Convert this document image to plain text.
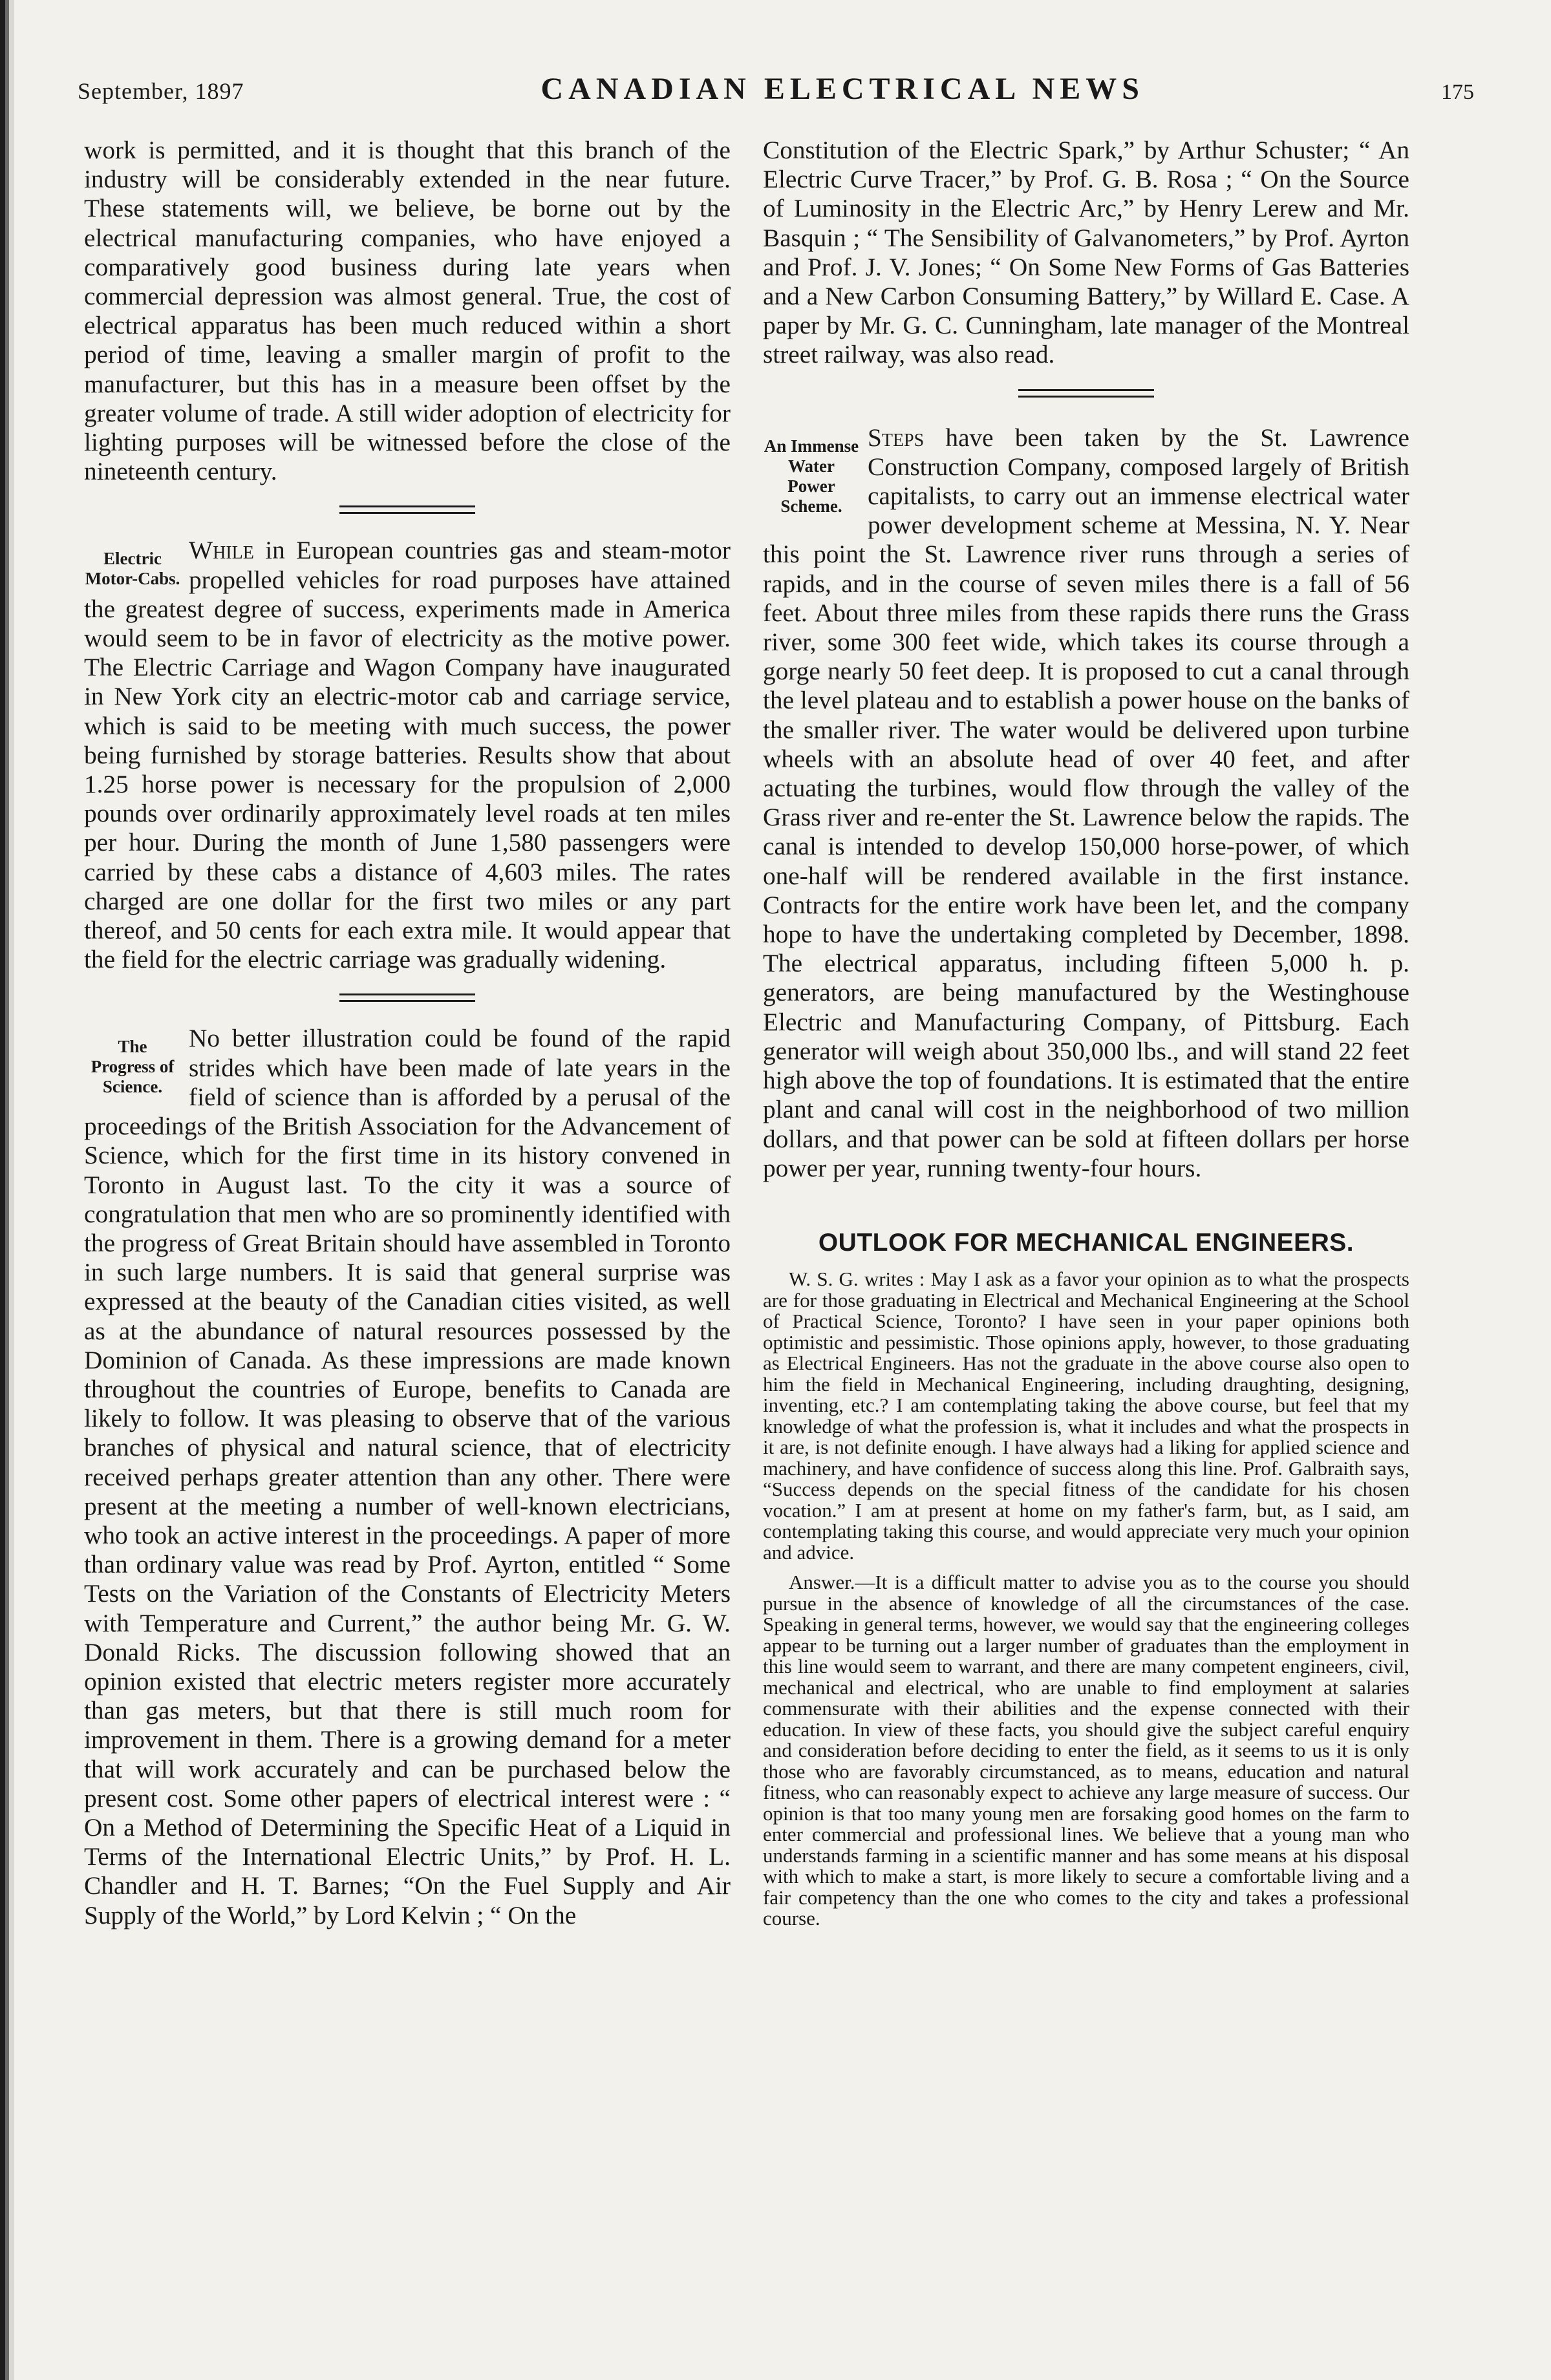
September, 1897	CANADIAN ELECTRICAL NEWS	175

work is permitted, and it is thought that this branch of the industry will be considerably extended in the near future. These statements will, we believe, be borne out by the electrical manufacturing companies, who have enjoyed a comparatively good business during late years when commercial depression was almost general. True, the cost of electrical apparatus has been much reduced within a short period of time, leaving a smaller margin of profit to the manufacturer, but this has in a measure been offset by the greater volume of trade. A still wider adoption of electricity for lighting purposes will be witnessed before the close of the nineteenth century.

Electric Motor-Cabs.

While in European countries gas and steam-motor propelled vehicles for road purposes have attained the greatest degree of success, experiments made in America would seem to be in favor of electricity as the motive power. The Electric Carriage and Wagon Company have inaugurated in New York city an electric-motor cab and carriage service, which is said to be meeting with much success, the power being furnished by storage batteries. Results show that about 1.25 horse power is necessary for the propulsion of 2,000 pounds over ordinarily approximately level roads at ten miles per hour. During the month of June 1,580 passengers were carried by these cabs a distance of 4,603 miles. The rates charged are one dollar for the first two miles or any part thereof, and 50 cents for each extra mile. It would appear that the field for the electric carriage was gradually widening.

The Progress of Science.

No better illustration could be found of the rapid strides which have been made of late years in the field of science than is afforded by a perusal of the proceedings of the British Association for the Advancement of Science, which for the first time in its history convened in Toronto in August last. To the city it was a source of congratulation that men who are so prominently identified with the progress of Great Britain should have assembled in Toronto in such large numbers. It is said that general surprise was expressed at the beauty of the Canadian cities visited, as well as at the abundance of natural resources possessed by the Dominion of Canada. As these impressions are made known throughout the countries of Europe, benefits to Canada are likely to follow. It was pleasing to observe that of the various branches of physical and natural science, that of electricity received perhaps greater attention than any other. There were present at the meeting a number of well-known electricians, who took an active interest in the proceedings. A paper of more than ordinary value was read by Prof. Ayrton, entitled “ Some Tests on the Variation of the Constants of Electricity Meters with Temperature and Current,” the author being Mr. G. W. Donald Ricks. The discussion following showed that an opinion existed that electric meters register more accurately than gas meters, but that there is still much room for improvement in them. There is a growing demand for a meter that will work accurately and can be purchased below the present cost. Some other papers of electrical interest were : “ On a Method of Determining the Specific Heat of a Liquid in Terms of the International Electric Units,” by Prof. H. L. Chandler and H. T. Barnes; “On the Fuel Supply and Air Supply of the World,” by Lord Kelvin ; “ On the

Constitution of the Electric Spark,” by Arthur Schuster; “ An Electric Curve Tracer,” by Prof. G. B. Rosa ; “ On the Source of Luminosity in the Electric Arc,” by Henry Lerew and Mr. Basquin ; “ The Sensibility of Galvanometers,” by Prof. Ayrton and Prof. J. V. Jones; “ On Some New Forms of Gas Batteries and a New Carbon Consuming Battery,” by Willard E. Case. A paper by Mr. G. C. Cunningham, late manager of the Montreal street railway, was also read.

An Immense Water Power Scheme.

Steps have been taken by the St. Lawrence Construction Company, composed largely of British capitalists, to carry out an immense electrical water power development scheme at Messina, N. Y. Near this point the St. Lawrence river runs through a series of rapids, and in the course of seven miles there is a fall of 56 feet. About three miles from these rapids there runs the Grass river, some 300 feet wide, which takes its course through a gorge nearly 50 feet deep. It is proposed to cut a canal through the level plateau and to establish a power house on the banks of the smaller river. The water would be delivered upon turbine wheels with an absolute head of over 40 feet, and after actuating the turbines, would flow through the valley of the Grass river and re-enter the St. Lawrence below the rapids. The canal is intended to develop 150,000 horse-power, of which one-half will be rendered available in the first instance. Contracts for the entire work have been let, and the company hope to have the undertaking completed by December, 1898. The electrical apparatus, including fifteen 5,000 h. p. generators, are being manufactured by the Westinghouse Electric and Manufacturing Company, of Pittsburg. Each generator will weigh about 350,000 lbs., and will stand 22 feet high above the top of foundations. It is estimated that the entire plant and canal will cost in the neighborhood of two million dollars, and that power can be sold at fifteen dollars per horse power per year, running twenty-four hours.

OUTLOOK FOR MECHANICAL ENGINEERS.

W. S. G. writes : May I ask as a favor your opinion as to what the prospects are for those graduating in Electrical and Mechanical Engineering at the School of Practical Science, Toronto? I have seen in your paper opinions both optimistic and pessimistic. Those opinions apply, however, to those graduating as Electrical Engineers. Has not the graduate in the above course also open to him the field in Mechanical Engineering, including draughting, designing, inventing, etc.? I am contemplating taking the above course, but feel that my knowledge of what the profession is, what it includes and what the prospects in it are, is not definite enough. I have always had a liking for applied science and machinery, and have confidence of success along this line. Prof. Galbraith says, “Success depends on the special fitness of the candidate for his chosen vocation.” I am at present at home on my father's farm, but, as I said, am contemplating taking this course, and would appreciate very much your opinion and advice.

Answer.—It is a difficult matter to advise you as to the course you should pursue in the absence of knowledge of all the circumstances of the case. Speaking in general terms, however, we would say that the engineering colleges appear to be turning out a larger number of graduates than the employment in this line would seem to warrant, and there are many competent engineers, civil, mechanical and electrical, who are unable to find employment at salaries commensurate with their abilities and the expense connected with their education. In view of these facts, you should give the subject careful enquiry and consideration before deciding to enter the field, as it seems to us it is only those who are favorably circumstanced, as to means, education and natural fitness, who can reasonably expect to achieve any large measure of success. Our opinion is that too many young men are forsaking good homes on the farm to enter commercial and professional lines. We believe that a young man who understands farming in a scientific manner and has some means at his disposal with which to make a start, is more likely to secure a comfortable living and a fair competency than the one who comes to the city and takes a professional course.
